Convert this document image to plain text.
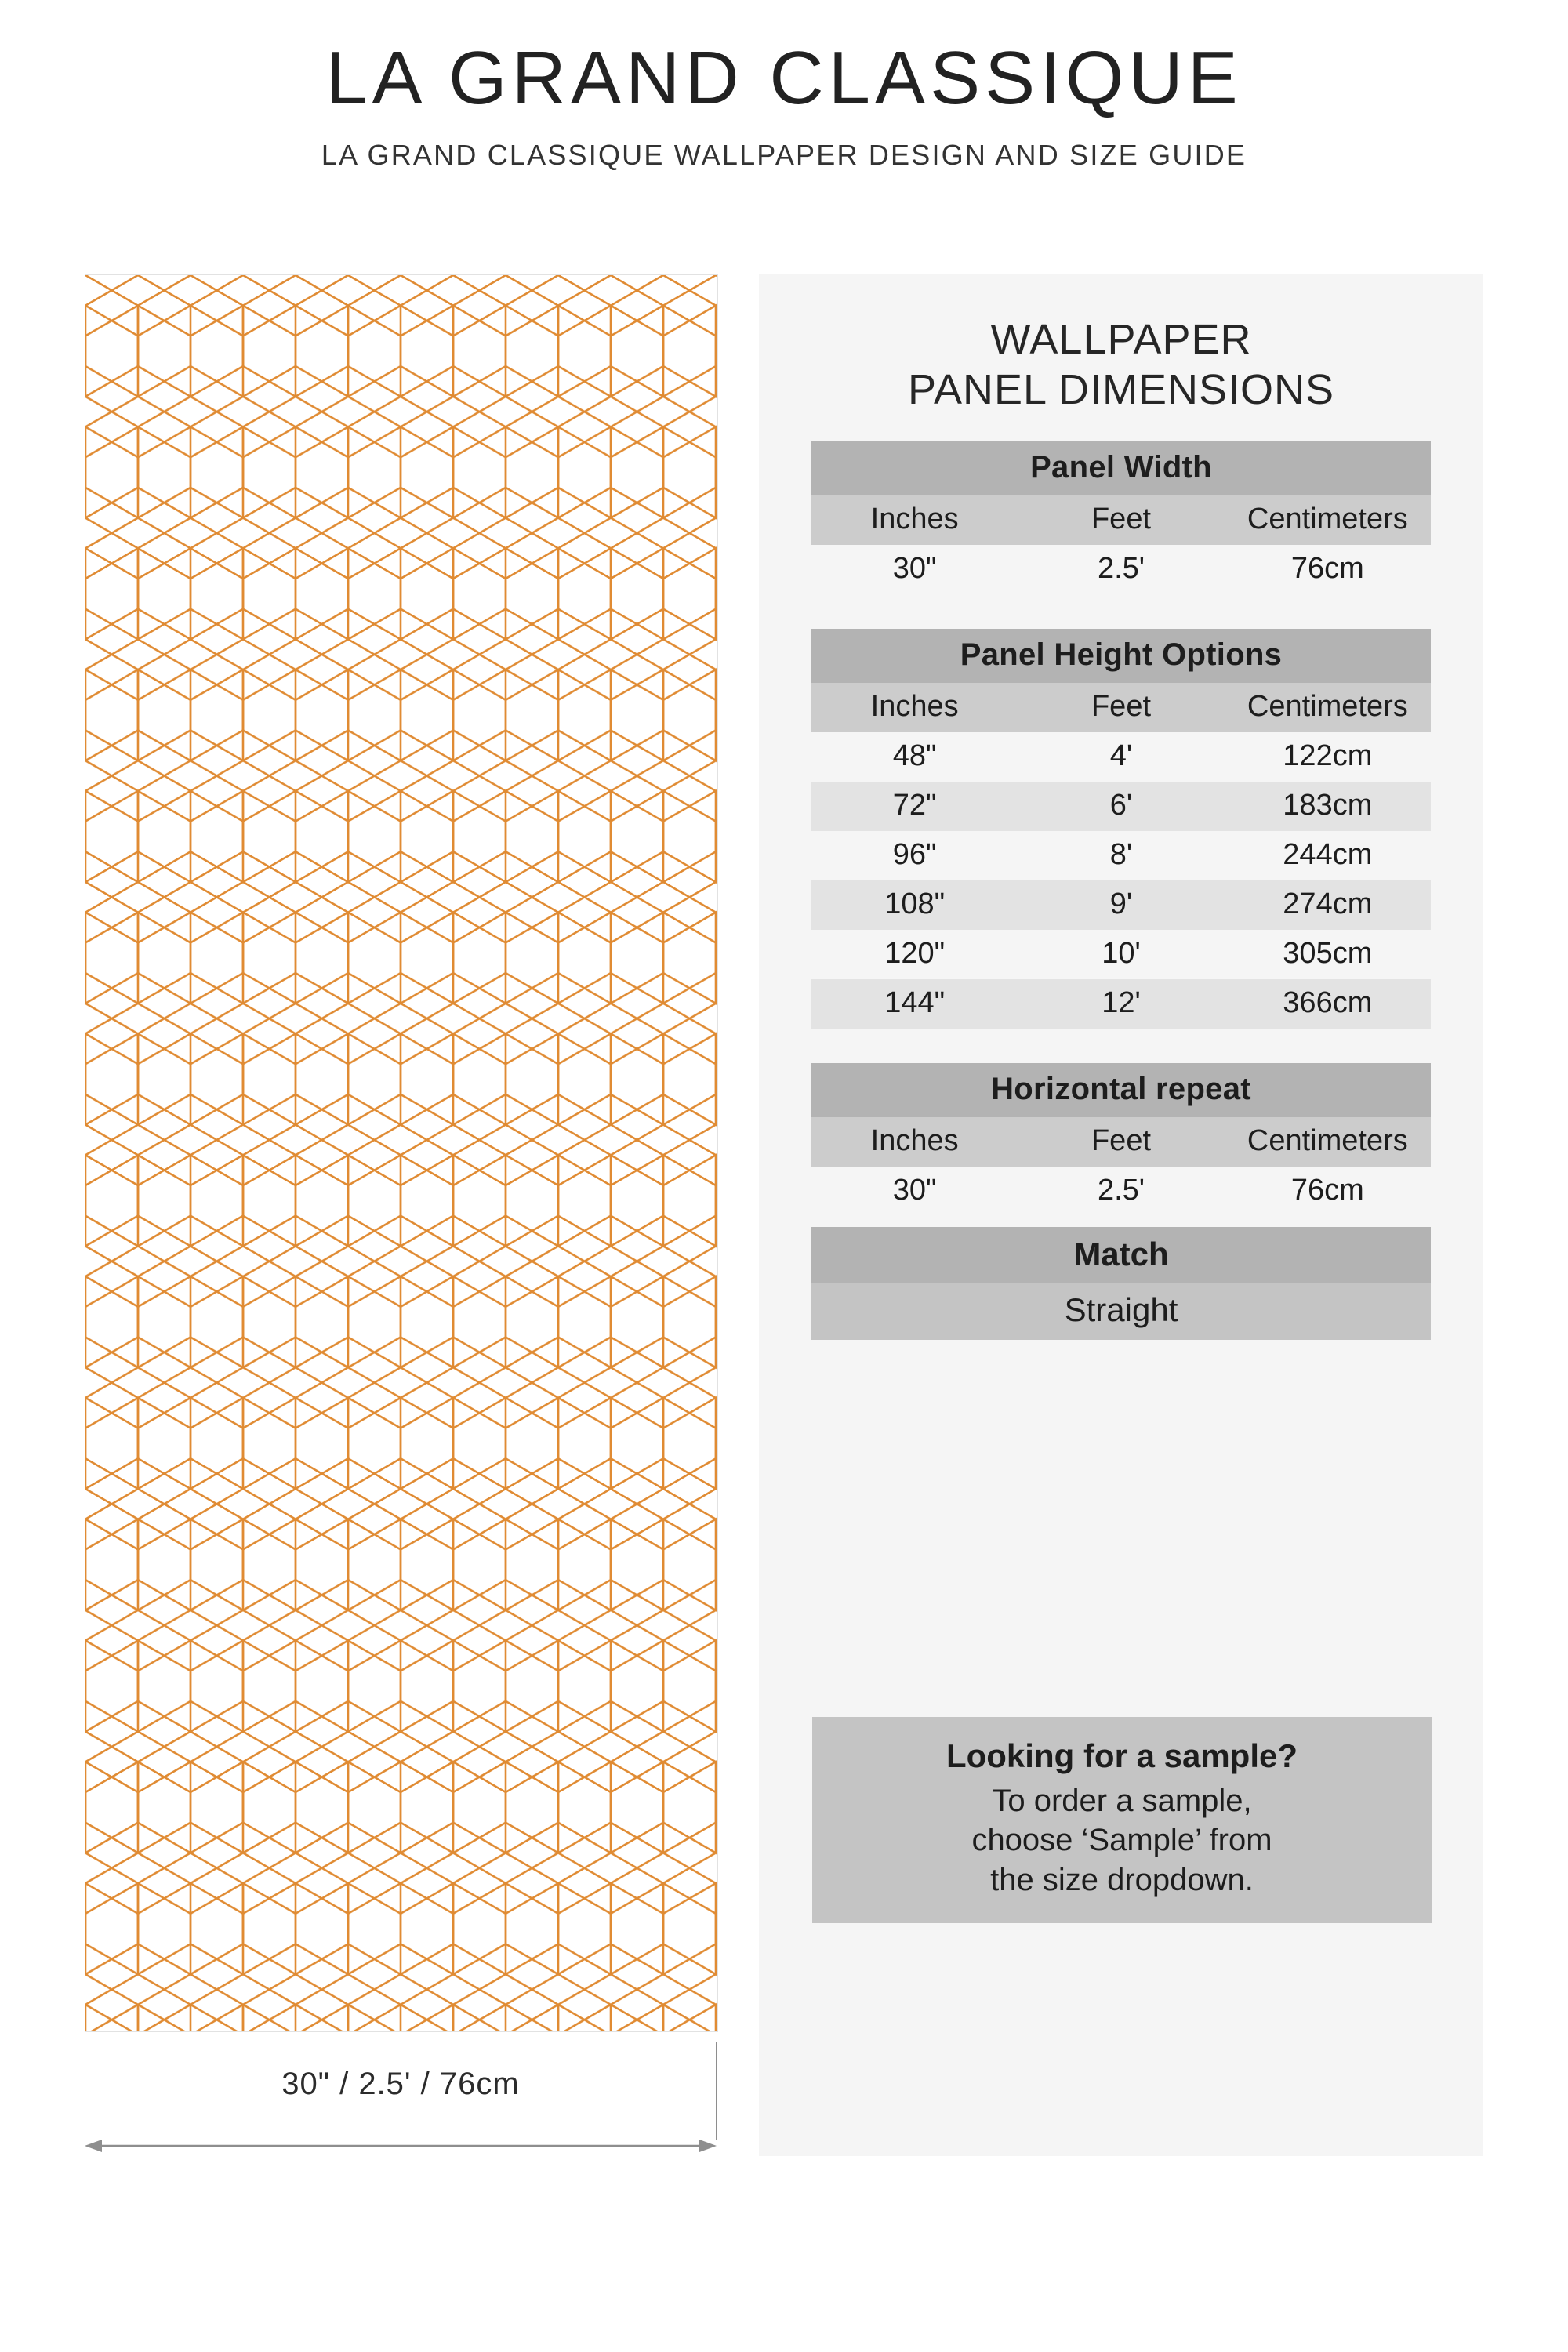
LA GRAND CLASSIQUE
LA GRAND CLASSIQUE WALLPAPER DESIGN AND SIZE GUIDE
30" / 2.5' / 76cm
WALLPAPER
PANEL DIMENSIONS
Panel Width		
Inches	Feet	Centimeters
30"	2.5'	76cm
Panel Height Options		
Inches	Feet	Centimeters
48"	4'	122cm
72"	6'	183cm
96"	8'	244cm
108"	9'	274cm
120"	10'	305cm
144"	12'	366cm
Horizontal repeat		
Inches	Feet	Centimeters
30"	2.5'	76cm
Match
Straight
Looking for a sample?
To order a sample,
choose ‘Sample’ from
the size dropdown.
